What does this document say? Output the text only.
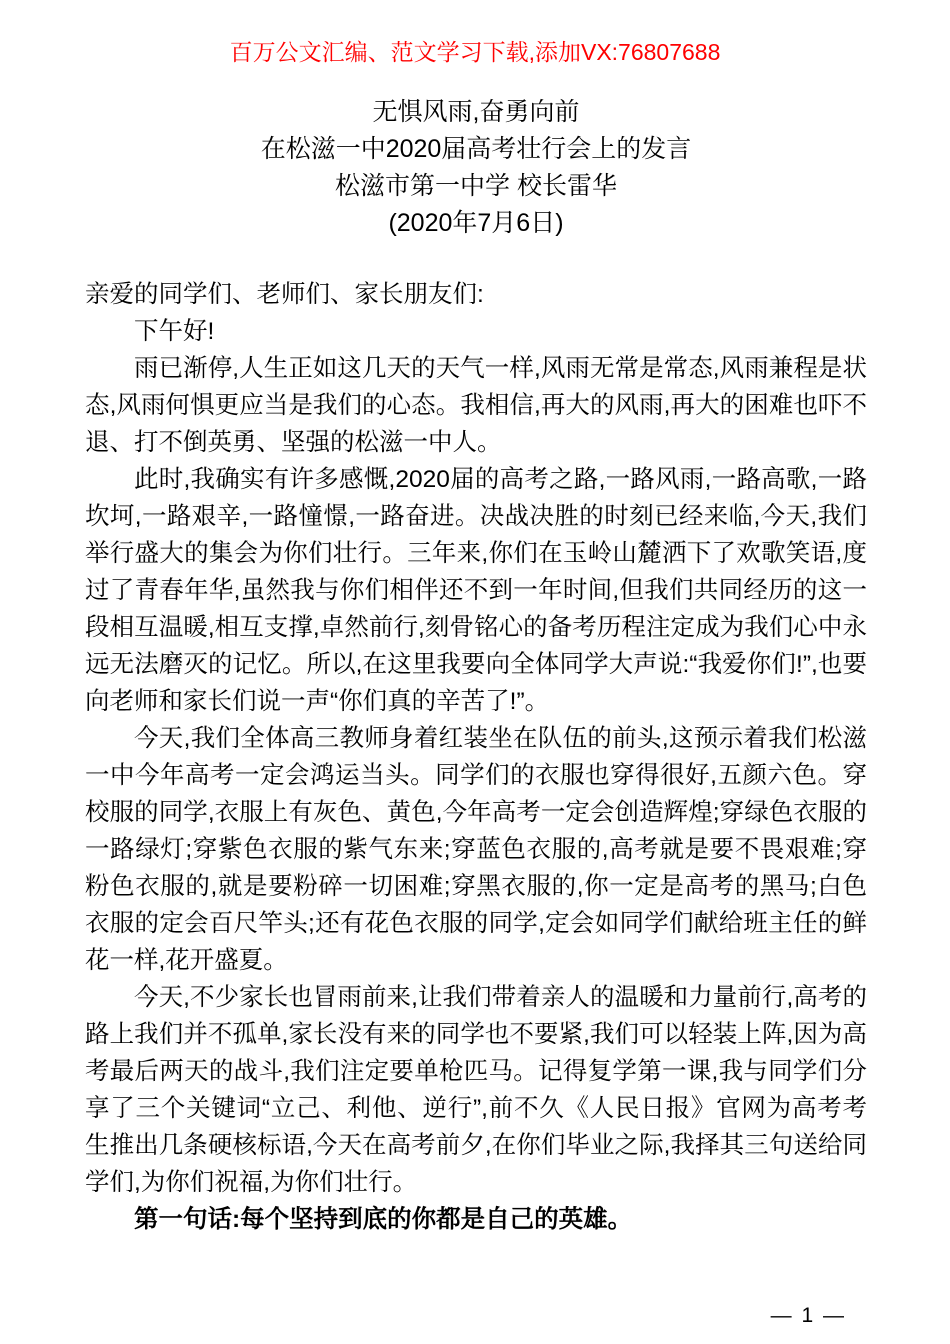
百万公文汇编、范文学习下载,添加VX:76807688
无惧风雨,奋勇向前
在松滋一中2020届高考壮行会上的发言
松滋市第一中学 校长雷华
(2020年7月6日)

亲爱的同学们、老师们、家长朋友们:

下午好!

雨已渐停,人生正如这几天的天气一样,风雨无常是常态,风雨兼程是状态,风雨何惧更应当是我们的心态。我相信,再大的风雨,再大的困难也吓不退、打不倒英勇、坚强的松滋一中人。

此时,我确实有许多感慨,2020届的高考之路,一路风雨,一路高歌,一路坎坷,一路艰辛,一路憧憬,一路奋进。决战决胜的时刻已经来临,今天,我们举行盛大的集会为你们壮行。三年来,你们在玉岭山麓洒下了欢歌笑语,度过了青春年华,虽然我与你们相伴还不到一年时间,但我们共同经历的这一段相互温暖,相互支撑,卓然前行,刻骨铭心的备考历程注定成为我们心中永远无法磨灭的记忆。所以,在这里我要向全体同学大声说:“我爱你们!”,也要向老师和家长们说一声“你们真的辛苦了!”。

今天,我们全体高三教师身着红装坐在队伍的前头,这预示着我们松滋一中今年高考一定会鸿运当头。同学们的衣服也穿得很好,五颜六色。穿校服的同学,衣服上有灰色、黄色,今年高考一定会创造辉煌;穿绿色衣服的一路绿灯;穿紫色衣服的紫气东来;穿蓝色衣服的,高考就是要不畏艰难;穿粉色衣服的,就是要粉碎一切困难;穿黑衣服的,你一定是高考的黑马;白色衣服的定会百尺竿头;还有花色衣服的同学,定会如同学们献给班主任的鲜花一样,花开盛夏。

今天,不少家长也冒雨前来,让我们带着亲人的温暖和力量前行,高考的路上我们并不孤单,家长没有来的同学也不要紧,我们可以轻装上阵,因为高考最后两天的战斗,我们注定要单枪匹马。记得复学第一课,我与同学们分享了三个关键词“立己、利他、逆行”,前不久《人民日报》官网为高考考生推出几条硬核标语,今天在高考前夕,在你们毕业之际,我择其三句送给同学们,为你们祝福,为你们壮行。

第一句话:每个坚持到底的你都是自己的英雄。

— 1 —
